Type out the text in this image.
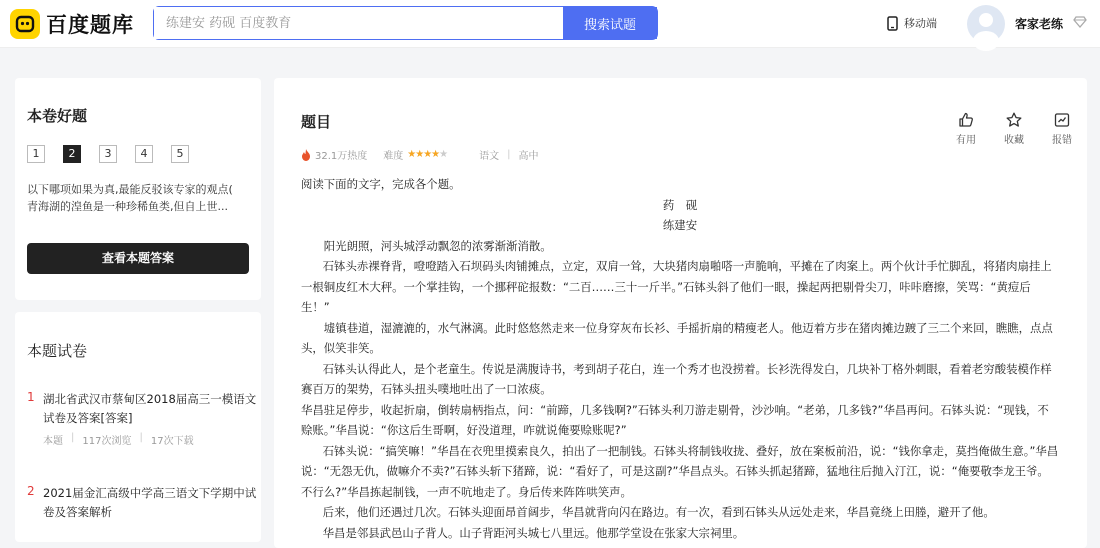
百度题库
练建安 药砚 百度教育	搜索试题	移动端	客家老练
本卷好题
1	2	3	4	5
以下哪项如果为真,最能反驳该专家的观点(
青海湖的湟鱼是一种珍稀鱼类,但自上世...
查看本题答案
本题试卷
1 湖北省武汉市蔡甸区2018届高三一模语文试卷及答案[答案]
本题 | 117次浏览 | 17次下载
2 2021届金汇高级中学高三语文下学期中试卷及答案解析
题目
32.1万热度 难度 ★★★★★	语文 | 高中
有用	收藏	报错

阅读下面的文字，完成各个题。

药　砚

练建安

阳光朗照，河头城浮动飘忽的浓雾渐渐消散。

石钵头赤裸脊背，噔噔踏入石坝码头肉铺摊点，立定，双肩一耸，大块猪肉扇啪嗒一声脆响，平摊在了肉案上。两个伙计手忙脚乱，将猪肉扇挂上一根铜皮红木大秤。一个掌挂钩，一个挪秤砣报数：“二百……三十一斤半。”石钵头斜了他们一眼，操起两把剔骨尖刀，咔咔磨擦，笑骂：“黄痘后生！”

墟镇巷道，湿漉漉的，水气淋漓。此时悠悠然走来一位身穿灰布长衫、手摇折扇的精瘦老人。他迈着方步在猪肉摊边踱了三二个来回，瞧瞧，点点头，似笑非笑。

石钵头认得此人，是个老童生。传说是满腹诗书，考到胡子花白，连一个秀才也没捞着。长衫洗得发白，几块补丁格外刺眼，看着老穷酸装模作样赛百万的架势，石钵头扭头噗地吐出了一口浓痰。

华昌驻足停步，收起折扇，倒转扇柄指点，问：“前蹄，几多钱啊?”石钵头利刀游走剔骨，沙沙响。“老弟，几多钱?”华昌再问。石钵头说：“现钱，不赊账。”华昌说：“你这后生哥啊，好没道理，咋就说俺要赊账呢?”

石钵头说：“搞笑嘛！”华昌在衣兜里摸索良久，拍出了一把制钱。石钵头将制钱收拢、叠好，放在案板前沿，说：“钱你拿走，莫挡俺做生意。”华昌说：“无怨无仇，做嘛介不卖?”石钵头斩下猪蹄，说：“看好了，可是这副?”华昌点头。石钵头抓起猪蹄，猛地往后抛入汀江，说：“俺要敬李龙王爷。不行么?”华昌拣起制钱，一声不吭地走了。身后传来阵阵哄笑声。

后来，他们还遇过几次。石钵头迎面昂首阔步，华昌就背向闪在路边。有一次，看到石钵头从远处走来，华昌竟绕上田塍，避开了他。

华昌是邻县武邑山子背人。山子背距河头城七八里远。他那学堂设在张家大宗祠里。
